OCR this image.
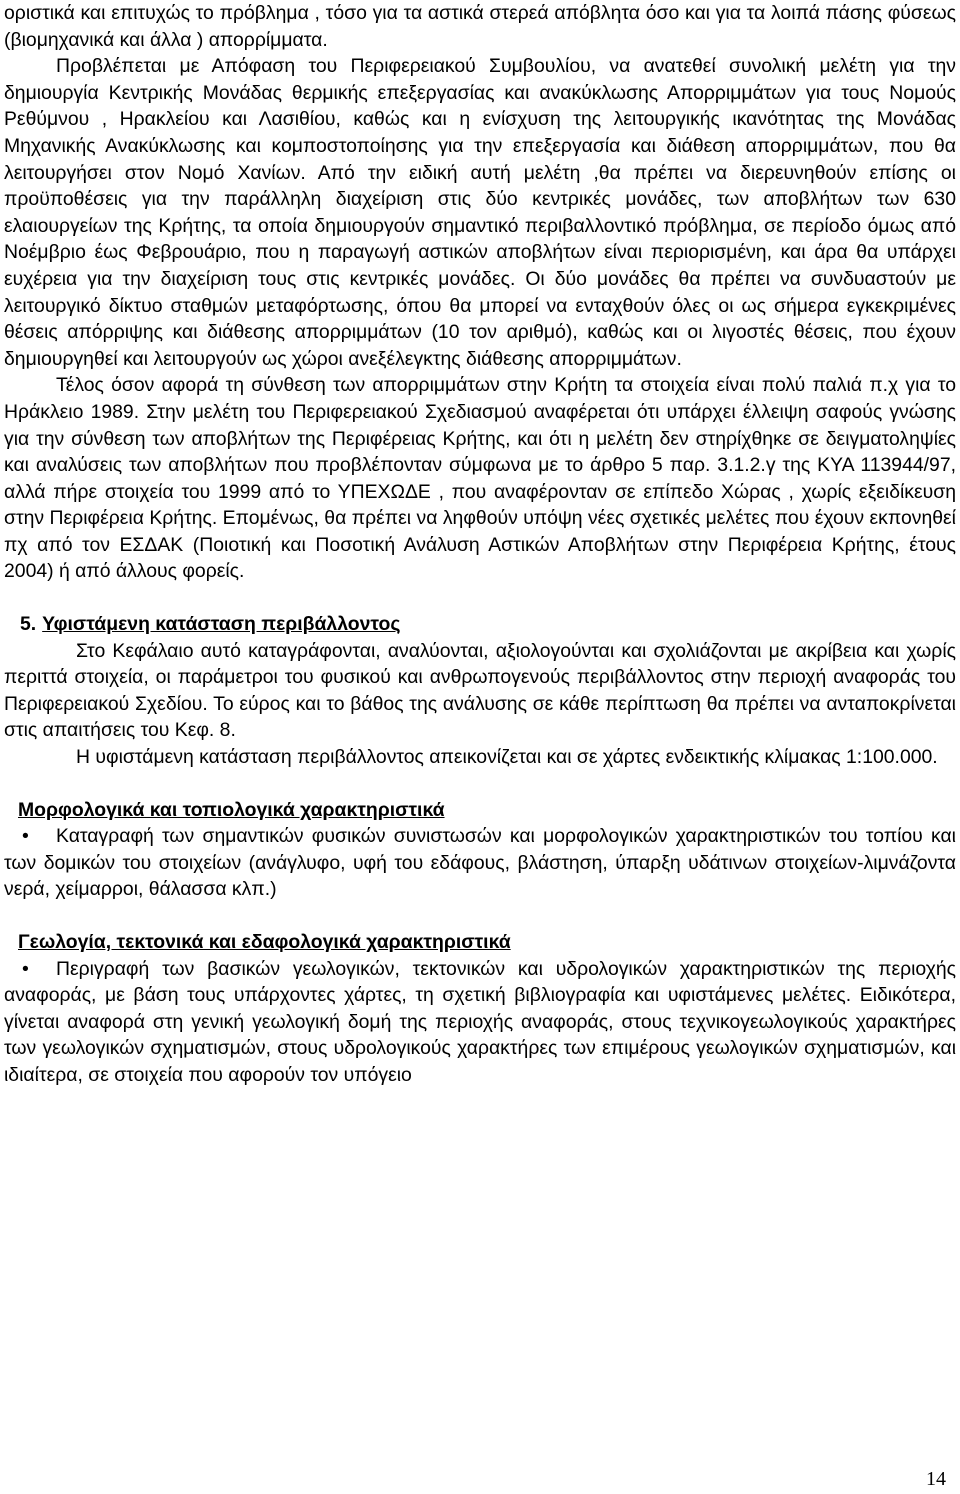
οριστικά και επιτυχώς το πρόβλημα , τόσο για τα αστικά στερεά απόβλητα όσο και για τα λοιπά πάσης φύσεως (βιομηχανικά και άλλα ) απορρίμματα.

Προβλέπεται με Απόφαση του Περιφερειακού Συμβουλίου, να ανατεθεί συνολική μελέτη για την δημιουργία Κεντρικής Μονάδας θερμικής επεξεργασίας και ανακύκλωσης Απορριμμάτων για τους Νομούς Ρεθύμνου , Ηρακλείου και Λασιθίου, καθώς και η ενίσχυση της λειτουργικής ικανότητας της Μονάδας Μηχανικής Ανακύκλωσης και κομποστοποίησης για την επεξεργασία και διάθεση απορριμμάτων, που θα λειτουργήσει στον Νομό Χανίων. Από την ειδική αυτή μελέτη ,θα πρέπει να διερευνηθούν επίσης οι προϋποθέσεις για την παράλληλη διαχείριση στις δύο κεντρικές μονάδες, των αποβλήτων των 630 ελαιουργείων της Κρήτης, τα οποία δημιουργούν σημαντικό περιβαλλοντικό πρόβλημα, σε περίοδο όμως από Νοέμβριο έως Φεβρουάριο, που η παραγωγή αστικών αποβλήτων είναι περιορισμένη, και άρα θα υπάρχει ευχέρεια για την διαχείριση τους στις κεντρικές μονάδες. Οι δύο μονάδες θα πρέπει να συνδυαστούν με λειτουργικό δίκτυο σταθμών μεταφόρτωσης, όπου θα μπορεί να ενταχθούν όλες οι ως σήμερα εγκεκριμένες θέσεις απόρριψης και διάθεσης απορριμμάτων (10 τον αριθμό), καθώς και οι λιγοστές θέσεις, που έχουν δημιουργηθεί και λειτουργούν ως χώροι ανεξέλεγκτης διάθεσης απορριμμάτων.

Τέλος όσον αφορά τη σύνθεση των απορριμμάτων στην Κρήτη τα στοιχεία είναι πολύ παλιά π.χ για το Ηράκλειο 1989. Στην μελέτη του Περιφερειακού Σχεδιασμού αναφέρεται ότι υπάρχει έλλειψη σαφούς γνώσης για την σύνθεση των αποβλήτων της Περιφέρειας Κρήτης, και ότι η μελέτη δεν στηρίχθηκε σε δειγματοληψίες και αναλύσεις των αποβλήτων που προβλέπονταν σύμφωνα με το άρθρο 5 παρ. 3.1.2.γ της ΚΥΑ 113944/97, αλλά πήρε στοιχεία του 1999 από το ΥΠΕΧΩΔΕ , που αναφέρονταν σε επίπεδο Χώρας , χωρίς εξειδίκευση στην Περιφέρεια Κρήτης. Επομένως, θα πρέπει να ληφθούν υπόψη νέες σχετικές μελέτες που έχουν εκπονηθεί πχ από τον ΕΣΔΑΚ (Ποιοτική και Ποσοτική Ανάλυση Αστικών Αποβλήτων στην Περιφέρεια Κρήτης, έτους 2004) ή από άλλους φορείς.

5. Υφιστάμενη κατάσταση περιβάλλοντος

Στο Κεφάλαιο αυτό καταγράφονται, αναλύονται, αξιολογούνται και σχολιάζονται με ακρίβεια και χωρίς περιττά στοιχεία, οι παράμετροι του φυσικού και ανθρωπογενούς περιβάλλοντος στην περιοχή αναφοράς του Περιφερειακού Σχεδίου. Το εύρος και το βάθος της ανάλυσης σε κάθε περίπτωση θα πρέπει να ανταποκρίνεται στις απαιτήσεις του Κεφ. 8.

Η υφιστάμενη κατάσταση περιβάλλοντος απεικονίζεται και σε χάρτες ενδεικτικής κλίμακας 1:100.000.

Μορφολογικά και τοπιολογικά χαρακτηριστικά

• Καταγραφή των σημαντικών φυσικών συνιστωσών και μορφολογικών χαρακτηριστικών του τοπίου και των δομικών του στοιχείων (ανάγλυφο, υφή του εδάφους, βλάστηση, ύπαρξη υδάτινων στοιχείων-λιμνάζοντα νερά, χείμαρροι, θάλασσα κλπ.)

Γεωλογία, τεκτονικά και εδαφολογικά χαρακτηριστικά

• Περιγραφή των βασικών γεωλογικών, τεκτονικών και υδρολογικών χαρακτηριστικών της περιοχής αναφοράς, με βάση τους υπάρχοντες χάρτες, τη σχετική βιβλιογραφία και υφιστάμενες μελέτες. Ειδικότερα, γίνεται αναφορά στη γενική γεωλογική δομή της περιοχής αναφοράς, στους τεχνικογεωλογικούς χαρακτήρες των γεωλογικών σχηματισμών, στους υδρολογικούς χαρακτήρες των επιμέρους γεωλογικών σχηματισμών, και ιδιαίτερα, σε στοιχεία που αφορούν τον υπόγειο

14
